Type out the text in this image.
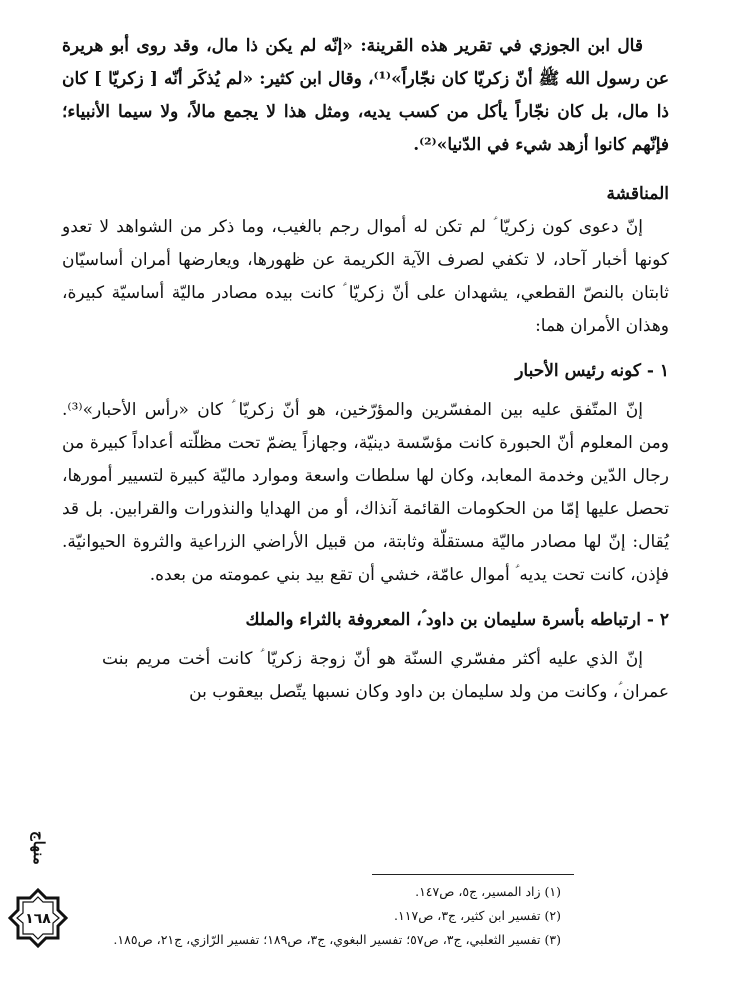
قال ابن الجوزي في تقرير هذه القرينة: «إنّه لم يكن ذا مال، وقد روى أبو هريرة عن رسول الله ﷺ أنّ زكريّا كان نجّاراً»⁽¹⁾، وقال ابن كثير: «لم يُذكَر أنّه [ زكريّا ] كان ذا مال، بل كان نجّاراً يأكل من كسب يديه، ومثل هذا لا يجمع مالاً، ولا سيما الأنبياء؛ فإنّهم كانوا أزهد شيء في الدّنيا»⁽²⁾.

المناقشة

إنّ دعوى كون زكريّا ؑ لم تكن له أموال رجم بالغيب، وما ذكر من الشواهد لا تعدو كونها أخبار آحاد، لا تكفي لصرف الآية الكريمة عن ظهورها، ويعارضها أمران أساسيّان ثابتان بالنصّ القطعي، يشهدان على أنّ زكريّا ؑ كانت بيده مصادر ماليّة أساسيّة كبيرة، وهذان الأمران هما:

١ - كونه رئيس الأحبار

إنّ المتّفق عليه بين المفسّرين والمؤرّخين، هو أنّ زكريّا ؑ كان «رأس الأحبار»⁽³⁾. ومن المعلوم أنّ الحبورة كانت مؤسّسة دينيّة، وجهازاً يضمّ تحت مظلّته أعداداً كبيرة من رجال الدّين وخدمة المعابد، وكان لها سلطات واسعة وموارد ماليّة كبيرة لتسيير أمورها، تحصل عليها إمّا من الحكومات القائمة آنذاك، أو من الهدايا والنذورات والقرابين. بل قد يُقال: إنّ لها مصادر ماليّة مستقلّة وثابتة، من قبيل الأراضي الزراعية والثروة الحيوانيّة. فإذن، كانت تحت يديه ؑ أموال عامّة، خشي أن تقع بيد بني عمومته من بعده.

٢ - ارتباطه بأسرة سليمان بن داود ؑ، المعروفة بالثراء والملك

إنّ الذي عليه أكثر مفسّري السنّة هو أنّ زوجة زكريّا ؑ كانت أخت مريم بنت عمران ؑ، وكانت من ولد سليمان بن داود وكان نسبها يتّصل بيعقوب بن

منهاج

(١) زاد المسير، ج٥، ص١٤٧.

(٢) تفسير ابن كثير، ج٣، ص١١٧.

(٣) تفسير الثعلبي، ج٣، ص٥٧؛ تفسير البغوي، ج٣، ص١٨٩؛ تفسير الرّازي، ج٢١، ص١٨٥.

١٦٨
